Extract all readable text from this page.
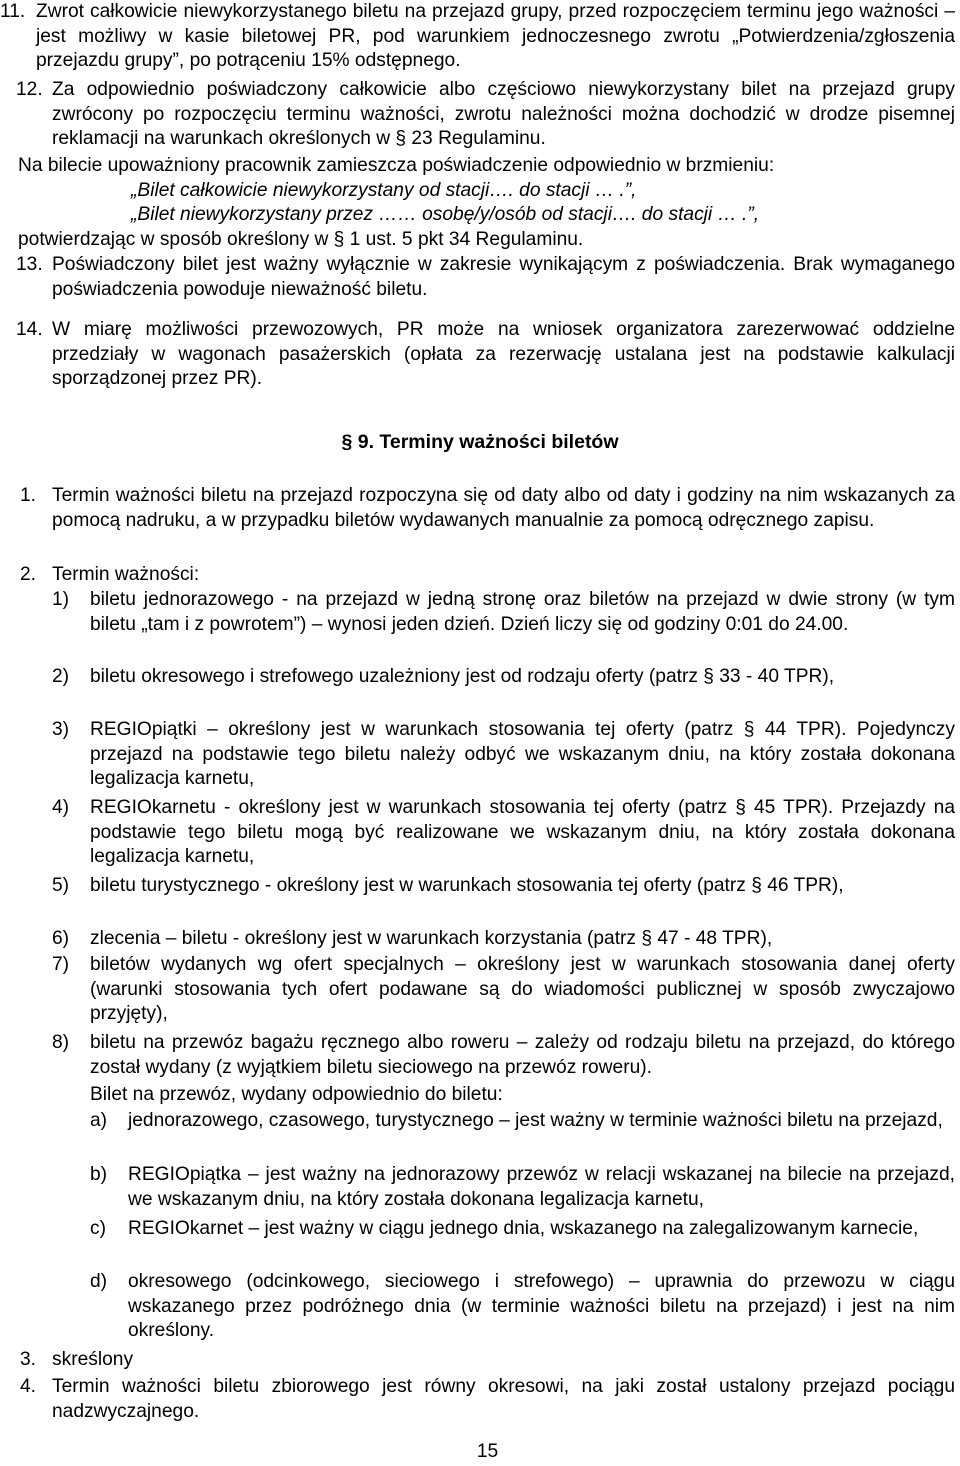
11. Zwrot całkowicie niewykorzystanego biletu na przejazd grupy, przed rozpoczęciem terminu jego ważności – jest możliwy w kasie biletowej PR, pod warunkiem jednoczesnego zwrotu „Potwierdzenia/zgłoszenia przejazdu grupy”, po potrąceniu 15% odstępnego.

12. Za odpowiednio poświadczony całkowicie albo częściowo niewykorzystany bilet na przejazd grupy zwrócony po rozpoczęciu terminu ważności, zwrotu należności można dochodzić w drodze pisemnej reklamacji na warunkach określonych w § 23 Regulaminu.

Na bilecie upoważniony pracownik zamieszcza poświadczenie odpowiednio w brzmieniu:
„Bilet całkowicie niewykorzystany od stacji…. do stacji … .”,
„Bilet niewykorzystany przez …… osobę/y/osób od stacji…. do stacji … .”,
potwierdzając w sposób określony w § 1 ust. 5 pkt 34 Regulaminu.
13. Poświadczony bilet jest ważny wyłącznie w zakresie wynikającym z poświadczenia. Brak wymaganego poświadczenia powoduje nieważność biletu.

14. W miarę możliwości przewozowych, PR może na wniosek organizatora zarezerwować oddzielne przedziały w wagonach pasażerskich (opłata za rezerwację ustalana jest na podstawie kalkulacji sporządzonej przez PR).

§ 9. Terminy ważności biletów
1. Termin ważności biletu na przejazd rozpoczyna się od daty albo od daty i godziny na nim wskazanych za pomocą nadruku, a w przypadku biletów wydawanych manualnie za pomocą odręcznego zapisu.

2. Termin ważności:

1) biletu jednorazowego - na przejazd w jedną stronę oraz biletów na przejazd w dwie strony (w tym biletu „tam i z powrotem”) – wynosi jeden dzień. Dzień liczy się od godziny 0:01 do 24.00.

2) biletu okresowego i strefowego uzależniony jest od rodzaju oferty (patrz § 33 - 40 TPR),

3) REGIOpiątki – określony jest w warunkach stosowania tej oferty (patrz § 44 TPR). Pojedynczy przejazd na podstawie tego biletu należy odbyć we wskazanym dniu, na który została dokonana legalizacja karnetu,

4) REGIOkarnetu - określony jest w warunkach stosowania tej oferty (patrz § 45 TPR). Przejazdy na podstawie tego biletu mogą być realizowane we wskazanym dniu, na który została dokonana legalizacja karnetu,

5) biletu turystycznego - określony jest w warunkach stosowania tej oferty (patrz § 46 TPR),

6) zlecenia – biletu - określony jest w warunkach korzystania (patrz § 47 - 48 TPR),

7) biletów wydanych wg ofert specjalnych – określony jest w warunkach stosowania danej oferty (warunki stosowania tych ofert podawane są do wiadomości publicznej w sposób zwyczajowo przyjęty),

8) biletu na przewóz bagażu ręcznego albo roweru – zależy od rodzaju biletu na przejazd, do którego został wydany (z wyjątkiem biletu sieciowego na przewóz roweru).

Bilet na przewóz, wydany odpowiednio do biletu:
a) jednorazowego, czasowego, turystycznego – jest ważny w terminie ważności biletu na przejazd,

b) REGIOpiątka – jest ważny na jednorazowy przewóz w relacji wskazanej na bilecie na przejazd, we wskazanym dniu, na który została dokonana legalizacja karnetu,

c) REGIOkarnet – jest ważny w ciągu jednego dnia, wskazanego na zalegalizowanym karnecie,

d) okresowego (odcinkowego, sieciowego i strefowego) – uprawnia do przewozu w ciągu wskazanego przez podróżnego dnia (w terminie ważności biletu na przejazd) i jest na nim określony.

3. skreślony

4. Termin ważności biletu zbiorowego jest równy okresowi, na jaki został ustalony przejazd pociągu nadzwyczajnego.

15
